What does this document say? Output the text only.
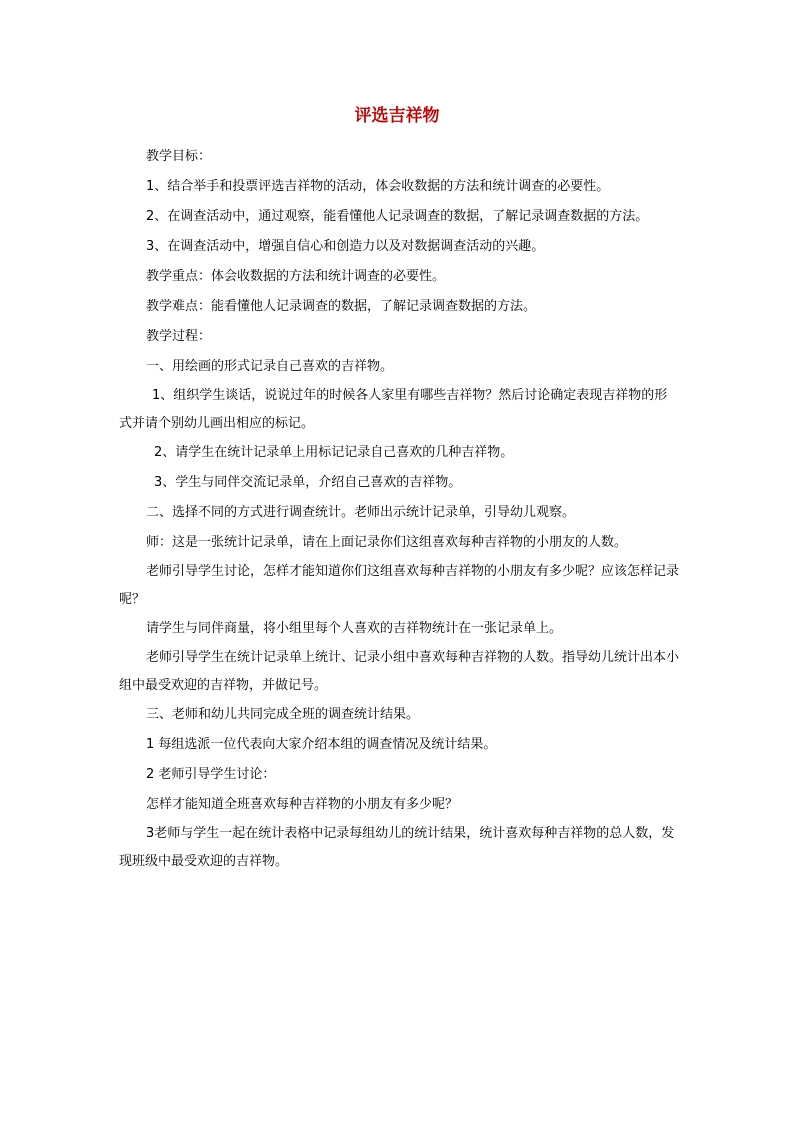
评选吉祥物

教学目标：

1、结合举手和投票评选吉祥物的活动，体会收数据的方法和统计调查的必要性。

2、在调查活动中，通过观察，能看懂他人记录调查的数据，了解记录调查数据的方法。

3、在调查活动中，增强自信心和创造力以及对数据调查活动的兴趣。

教学重点：体会收数据的方法和统计调查的必要性。

教学难点：能看懂他人记录调查的数据，了解记录调查数据的方法。

教学过程：

一、用绘画的形式记录自己喜欢的吉祥物。

1、组织学生谈话，说说过年的时候各人家里有哪些吉祥物？然后讨论确定表现吉祥物的形式并请个别幼儿画出相应的标记。

2、请学生在统计记录单上用标记记录自己喜欢的几种吉祥物。

3、学生与同伴交流记录单，介绍自己喜欢的吉祥物。

二、选择不同的方式进行调查统计。老师出示统计记录单，引导幼儿观察。

师：这是一张统计记录单，请在上面记录你们这组喜欢每种吉祥物的小朋友的人数。

老师引导学生讨论，怎样才能知道你们这组喜欢每种吉祥物的小朋友有多少呢？应该怎样记录呢？

请学生与同伴商量，将小组里每个人喜欢的吉祥物统计在一张记录单上。

老师引导学生在统计记录单上统计、记录小组中喜欢每种吉祥物的人数。指导幼儿统计出本小组中最受欢迎的吉祥物，并做记号。

三、老师和幼儿共同完成全班的调查统计结果。

1 每组选派一位代表向大家介绍本组的调查情况及统计结果。

2 老师引导学生讨论：

怎样才能知道全班喜欢每种吉祥物的小朋友有多少呢？

3老师与学生一起在统计表格中记录每组幼儿的统计结果，统计喜欢每种吉祥物的总人数，发现班级中最受欢迎的吉祥物。
